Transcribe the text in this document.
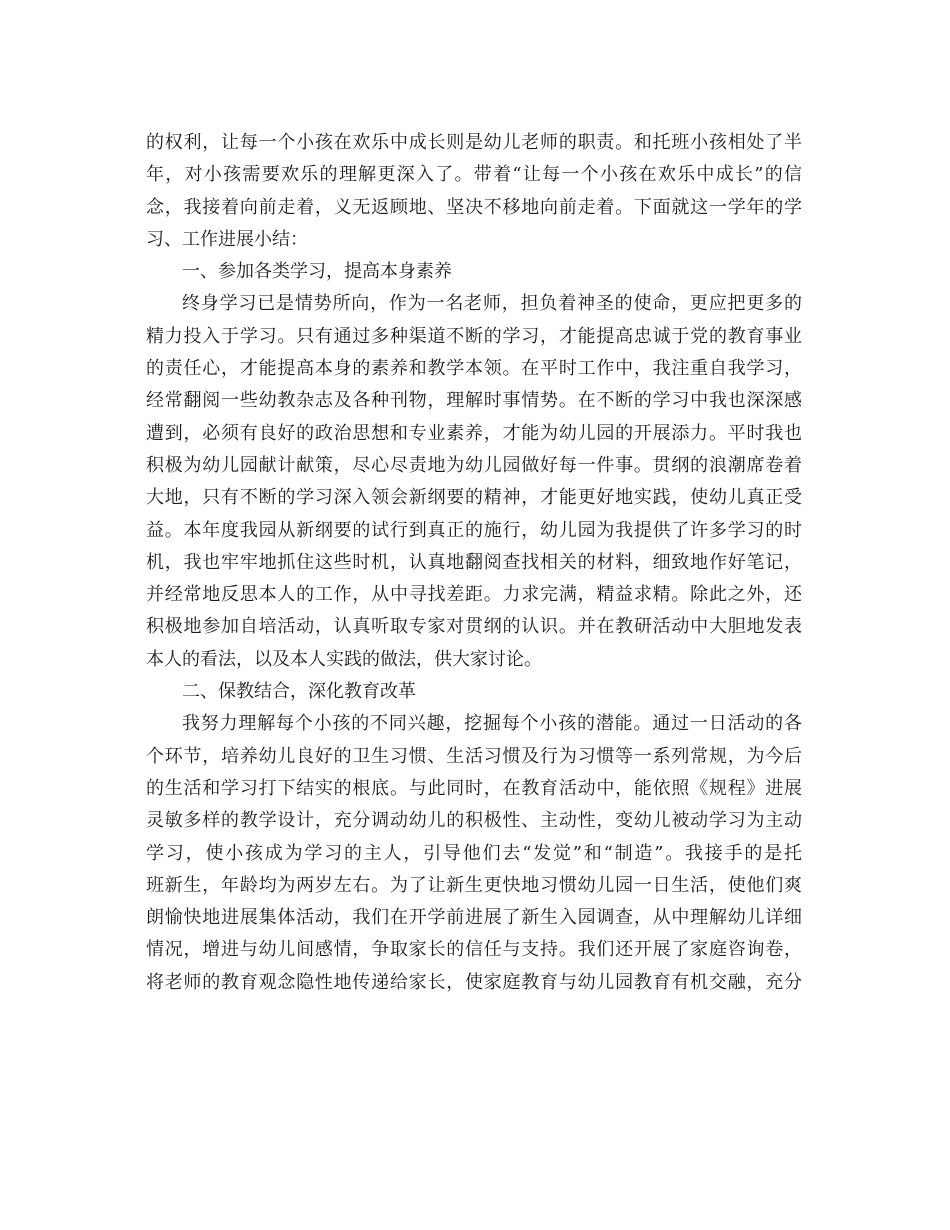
的权利，让每一个小孩在欢乐中成长则是幼儿老师的职责。和托班小孩相处了半
年，对小孩需要欢乐的理解更深入了。带着“让每一个小孩在欢乐中成长”的信
念，我接着向前走着，义无返顾地、坚决不移地向前走着。下面就这一学年的学
习、工作进展小结：
一、参加各类学习，提高本身素养
终身学习已是情势所向，作为一名老师，担负着神圣的使命，更应把更多的
精力投入于学习。只有通过多种渠道不断的学习，才能提高忠诚于党的教育事业
的责任心，才能提高本身的素养和教学本领。在平时工作中，我注重自我学习，
经常翻阅一些幼教杂志及各种刊物，理解时事情势。在不断的学习中我也深深感
遭到，必须有良好的政治思想和专业素养，才能为幼儿园的开展添力。平时我也
积极为幼儿园献计献策，尽心尽责地为幼儿园做好每一件事。贯纲的浪潮席卷着
大地，只有不断的学习深入领会新纲要的精神，才能更好地实践，使幼儿真正受
益。本年度我园从新纲要的试行到真正的施行，幼儿园为我提供了许多学习的时
机，我也牢牢地抓住这些时机，认真地翻阅查找相关的材料，细致地作好笔记，
并经常地反思本人的工作，从中寻找差距。力求完满，精益求精。除此之外，还
积极地参加自培活动，认真听取专家对贯纲的认识。并在教研活动中大胆地发表
本人的看法，以及本人实践的做法，供大家讨论。
二、保教结合，深化教育改革
我努力理解每个小孩的不同兴趣，挖掘每个小孩的潜能。通过一日活动的各
个环节，培养幼儿良好的卫生习惯、生活习惯及行为习惯等一系列常规，为今后
的生活和学习打下结实的根底。与此同时，在教育活动中，能依照《规程》进展
灵敏多样的教学设计，充分调动幼儿的积极性、主动性，变幼儿被动学习为主动
学习，使小孩成为学习的主人，引导他们去“发觉”和“制造”。我接手的是托
班新生，年龄均为两岁左右。为了让新生更快地习惯幼儿园一日生活，使他们爽
朗愉快地进展集体活动，我们在开学前进展了新生入园调查，从中理解幼儿详细
情况，增进与幼儿间感情，争取家长的信任与支持。我们还开展了家庭咨询卷，
将老师的教育观念隐性地传递给家长，使家庭教育与幼儿园教育有机交融，充分
